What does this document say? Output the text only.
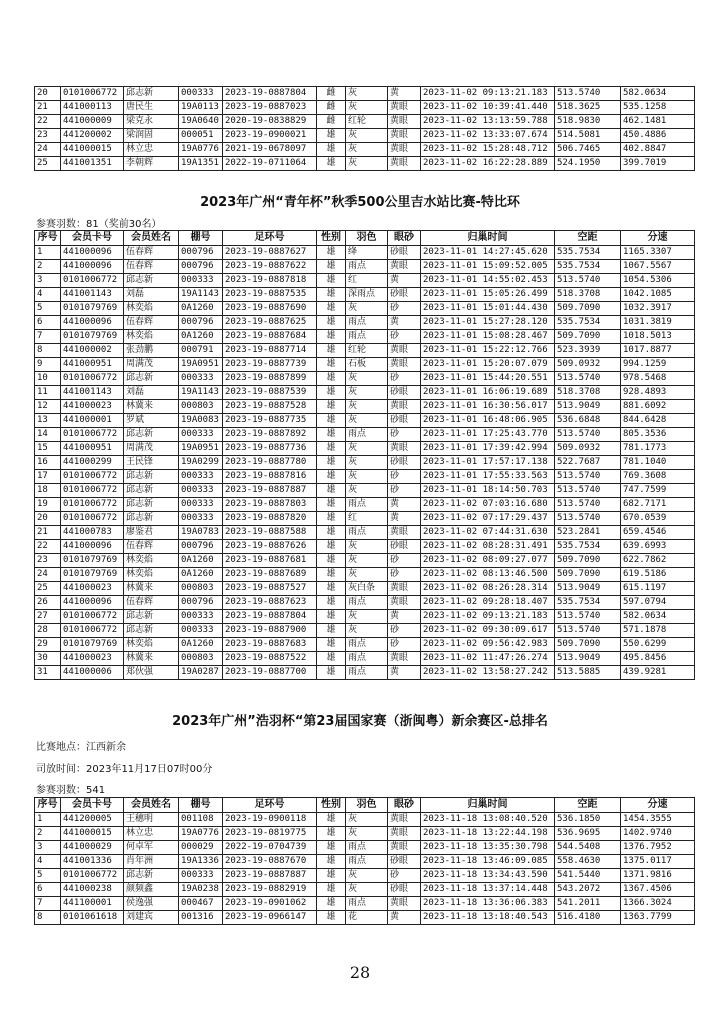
20	0101006772	邱志新	000333	2023-19-0887804	雌	灰	黄	2023-11-02 09:13:21.183	513.5740	582.0634
21	441000113	唐民生	19A0113	2023-19-0887023	雌	灰	黄眼	2023-11-02 10:39:41.440	518.3625	535.1258
22	441000009	梁克永	19A0640	2020-19-0838829	雌	红轮	黄眼	2023-11-02 13:13:59.788	518.9830	462.1481
23	441200002	梁润固	000051	2023-19-0900021	雄	灰	黄眼	2023-11-02 13:33:07.674	514.5081	450.4886
24	441000015	林立忠	19A0776	2021-19-0678097	雄	灰	黄眼	2023-11-02 15:28:48.712	506.7465	402.8847
25	441001351	李朝辉	19A1351	2022-19-0711064	雄	灰	黄眼	2023-11-02 16:22:28.889	524.1950	399.7019
2023年广州“青年杯”秋季500公里吉水站比赛-特比环
参赛羽数：81（奖前30名）
序号	会员卡号	会员姓名	棚号	足环号	性别	羽色	眼砂	归巢时间	空距	分速
1	441000096	伍春辉	000796	2023-19-0887627	雄	绛	砂眼	2023-11-01 14:27:45.620	535.7534	1165.3307
2	441000096	伍春辉	000796	2023-19-0887622	雄	雨点	黄眼	2023-11-01 15:09:52.005	535.7534	1067.5567
3	0101006772	邱志新	000333	2023-19-0887818	雄	红	黄	2023-11-01 14:55:02.453	513.5740	1054.5306
4	441001143	刘磊	19A1143	2023-19-0887535	雄	深雨点	砂眼	2023-11-01 15:05:26.499	518.3708	1042.1085
5	0101079769	林奕焰	0A1260	2023-19-0887690	雄	灰	砂	2023-11-01 15:01:44.430	509.7090	1032.3917
6	441000096	伍春辉	000796	2023-19-0887625	雄	雨点	黄	2023-11-01 15:27:28.120	535.7534	1031.3819
7	0101079769	林奕焰	0A1260	2023-19-0887684	雄	雨点	砂	2023-11-01 15:08:28.467	509.7090	1018.5013
8	441000002	张劲鹏	000791	2023-19-0887714	雄	红轮	黄眼	2023-11-01 15:22:12.766	523.3939	1017.8877
9	441000951	周满茂	19A0951	2023-19-0887739	雄	石板	黄眼	2023-11-01 15:20:07.079	509.0932	994.1259
10	0101006772	邱志新	000333	2023-19-0887899	雄	灰	砂	2023-11-01 15:44:20.551	513.5740	978.5468
11	441001143	刘磊	19A1143	2023-19-0887539	雄	灰	砂眼	2023-11-01 16:06:19.689	518.3708	928.4893
12	441000023	林冀来	000803	2023-19-0887528	雄	灰	黄眼	2023-11-01 16:30:56.017	513.9049	881.6092
13	441000001	罗斌	19A0083	2023-19-0887735	雄	灰	砂眼	2023-11-01 16:48:06.905	536.6848	844.6428
14	0101006772	邱志新	000333	2023-19-0887892	雄	雨点	砂	2023-11-01 17:25:43.770	513.5740	805.3536
15	441000951	周满茂	19A0951	2023-19-0887736	雄	灰	黄眼	2023-11-01 17:39:42.994	509.0932	781.1773
16	441000299	王民锋	19A0299	2023-19-0887780	雄	灰	砂眼	2023-11-01 17:57:17.138	522.7687	781.1040
17	0101006772	邱志新	000333	2023-19-0887816	雄	灰	砂	2023-11-01 17:55:33.563	513.5740	769.3608
18	0101006772	邱志新	000333	2023-19-0887887	雄	灰	砂	2023-11-01 18:14:50.703	513.5740	747.7599
19	0101006772	邱志新	000333	2023-19-0887803	雄	雨点	黄	2023-11-02 07:03:16.680	513.5740	682.7171
20	0101006772	邱志新	000333	2023-19-0887820	雄	红	黄	2023-11-02 07:17:29.437	513.5740	670.0539
21	441000783	廖鉴君	19A0783	2023-19-0887588	雄	雨点	黄眼	2023-11-02 07:44:31.630	523.2841	659.4546
22	441000096	伍春辉	000796	2023-19-0887626	雄	灰	砂眼	2023-11-02 08:28:31.491	535.7534	639.6993
23	0101079769	林奕焰	0A1260	2023-19-0887681	雄	灰	砂	2023-11-02 08:09:27.077	509.7090	622.7862
24	0101079769	林奕焰	0A1260	2023-19-0887689	雄	灰	砂	2023-11-02 08:13:46.500	509.7090	619.5186
25	441000023	林冀来	000803	2023-19-0887527	雄	灰白条	黄眼	2023-11-02 08:26:28.314	513.9049	615.1197
26	441000096	伍春辉	000796	2023-19-0887623	雄	雨点	黄眼	2023-11-02 09:28:18.407	535.7534	597.0794
27	0101006772	邱志新	000333	2023-19-0887804	雄	灰	黄	2023-11-02 09:13:21.183	513.5740	582.0634
28	0101006772	邱志新	000333	2023-19-0887900	雄	灰	砂	2023-11-02 09:30:09.617	513.5740	571.1878
29	0101079769	林奕焰	0A1260	2023-19-0887683	雄	雨点	砂	2023-11-02 09:56:42.983	509.7090	550.6299
30	441000023	林冀来	000803	2023-19-0887522	雄	雨点	黄眼	2023-11-02 11:47:26.274	513.9049	495.8456
31	441000006	郑伙强	19A0287	2023-19-0887700	雄	雨点	黄	2023-11-02 13:58:27.242	513.5885	439.9281
2023年广州”浩羽杯“第23届国家赛（浙闽粤）新余赛区-总排名
比赛地点：江西新余
司放时间：2023年11月17日07时00分
参赛羽数：541
序号	会员卡号	会员姓名	棚号	足环号	性别	羽色	眼砂	归巢时间	空距	分速
1	441200005	王穗明	001108	2023-19-0900118	雄	灰	黄眼	2023-11-18 13:08:40.520	536.1850	1454.3555
2	441000015	林立忠	19A0776	2023-19-0819775	雄	灰	黄眼	2023-11-18 13:22:44.198	536.9695	1402.9740
3	441000029	何卓军	000029	2022-19-0704739	雄	雨点	黄眼	2023-11-18 13:35:30.798	544.5408	1376.7952
4	441001336	肖年洲	19A1336	2023-19-0887670	雄	雨点	砂眼	2023-11-18 13:46:09.085	558.4630	1375.0117
5	0101006772	邱志新	000333	2023-19-0887887	雄	灰	砂	2023-11-18 13:34:43.590	541.5440	1371.9816
6	441000238	颜频鑫	19A0238	2023-19-0882919	雄	灰	砂眼	2023-11-18 13:37:14.448	543.2072	1367.4506
7	441100001	侯逸强	000467	2023-19-0901062	雄	雨点	黄眼	2023-11-18 13:36:06.383	541.2011	1366.3024
8	0101061618	刘建宾	001316	2023-19-0966147	雄	花	黄	2023-11-18 13:18:40.543	516.4180	1363.7799
28
